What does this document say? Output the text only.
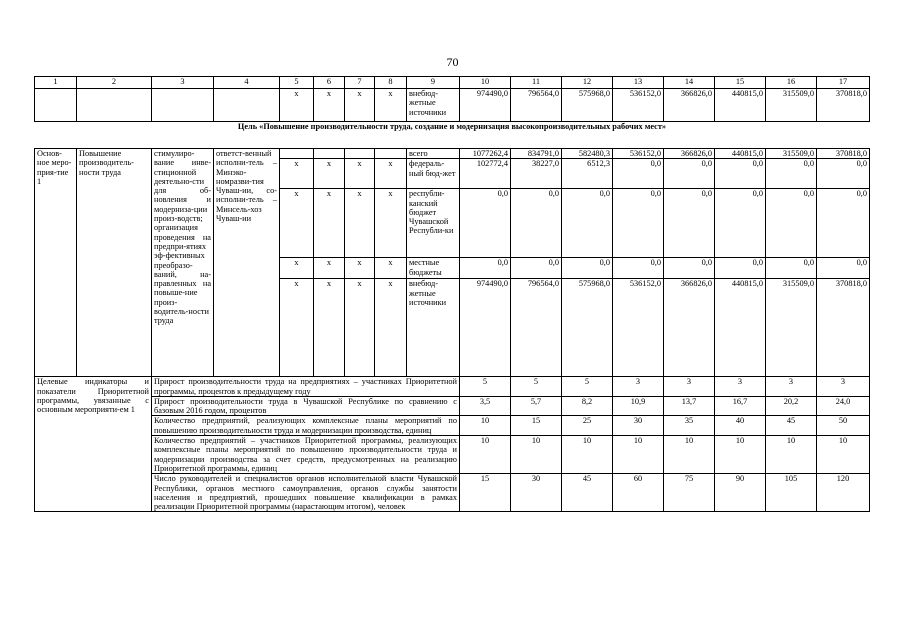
70
1	2	3	4	5	6	7	8	9	10	11	12	13	14	15	16	17
				x	x	x	x	внебюд-жетные источники	974490,0	796564,0	575968,0	536152,0	366826,0	440815,0	315509,0	370818,0
Цель «Повышение производительности труда, создание и модернизация высокопроизводительных рабочих мест»																
Основ-ное меро-прия-тие 1	Повышение производитель-ности труда	стимулиро-вание инве-стиционной деятельно-сти для об-новления и модерниза-ции произ-водств; организация проведения на предпри-ятиях эф-фективных преобразо-ваний, на-правленных на повыше-ние произ-водитель-ности труда	ответст-венный исполни-тель – Минэко-номразви-тия Чуваш-ии, со-исполни-тель – Минсель-хоз Чуваш-ии					всего	1077262,4	834791,0	582480,3	536152,0	366826,0	440815,0	315509,0	370818,0
				x	x	x	x	федераль-ный бюд-жет	102772,4	38227,0	6512,3	0,0	0,0	0,0	0,0	0,0
				x	x	x	x	республи-канский бюджет Чувашской Республи-ки	0,0	0,0	0,0	0,0	0,0	0,0	0,0	0,0
				x	x	x	x	местные бюджеты	0,0	0,0	0,0	0,0	0,0	0,0	0,0	0,0
				x	x	x	x	внебюд-жетные источники	974490,0	796564,0	575968,0	536152,0	366826,0	440815,0	315509,0	370818,0
Целевые индикаторы и показатели Приоритетной программы, увязанные с основным мероприяти-ем 1		Прирост производительности труда на предприятиях – участниках Приоритетной программы, процентов к предыдущему году							5	5	5	3	3	3	3	3
		Прирост производительности труда в Чувашской Республике по сравнению с базовым 2016 годом, процентов							3,5	5,7	8,2	10,9	13,7	16,7	20,2	24,0
		Количество предприятий, реализующих комплексные планы мероприятий по повышению производительности труда и модернизации производства, единиц							10	15	25	30	35	40	45	50
		Количество предприятий – участников Приоритетной программы, реализующих комплексные планы мероприятий по повышению производительности труда и модернизации производства за счет средств, предусмотренных на реализацию Приоритетной программы, единиц							10	10	10	10	10	10	10	10
		Число руководителей и специалистов органов исполнительной власти Чувашской Республики, органов местного самоуправления, органов службы занятости населения и предприятий, прошедших повышение квалификации в рамках реализации Приоритетной программы (нарастающим итогом), человек							15	30	45	60	75	90	105	120
